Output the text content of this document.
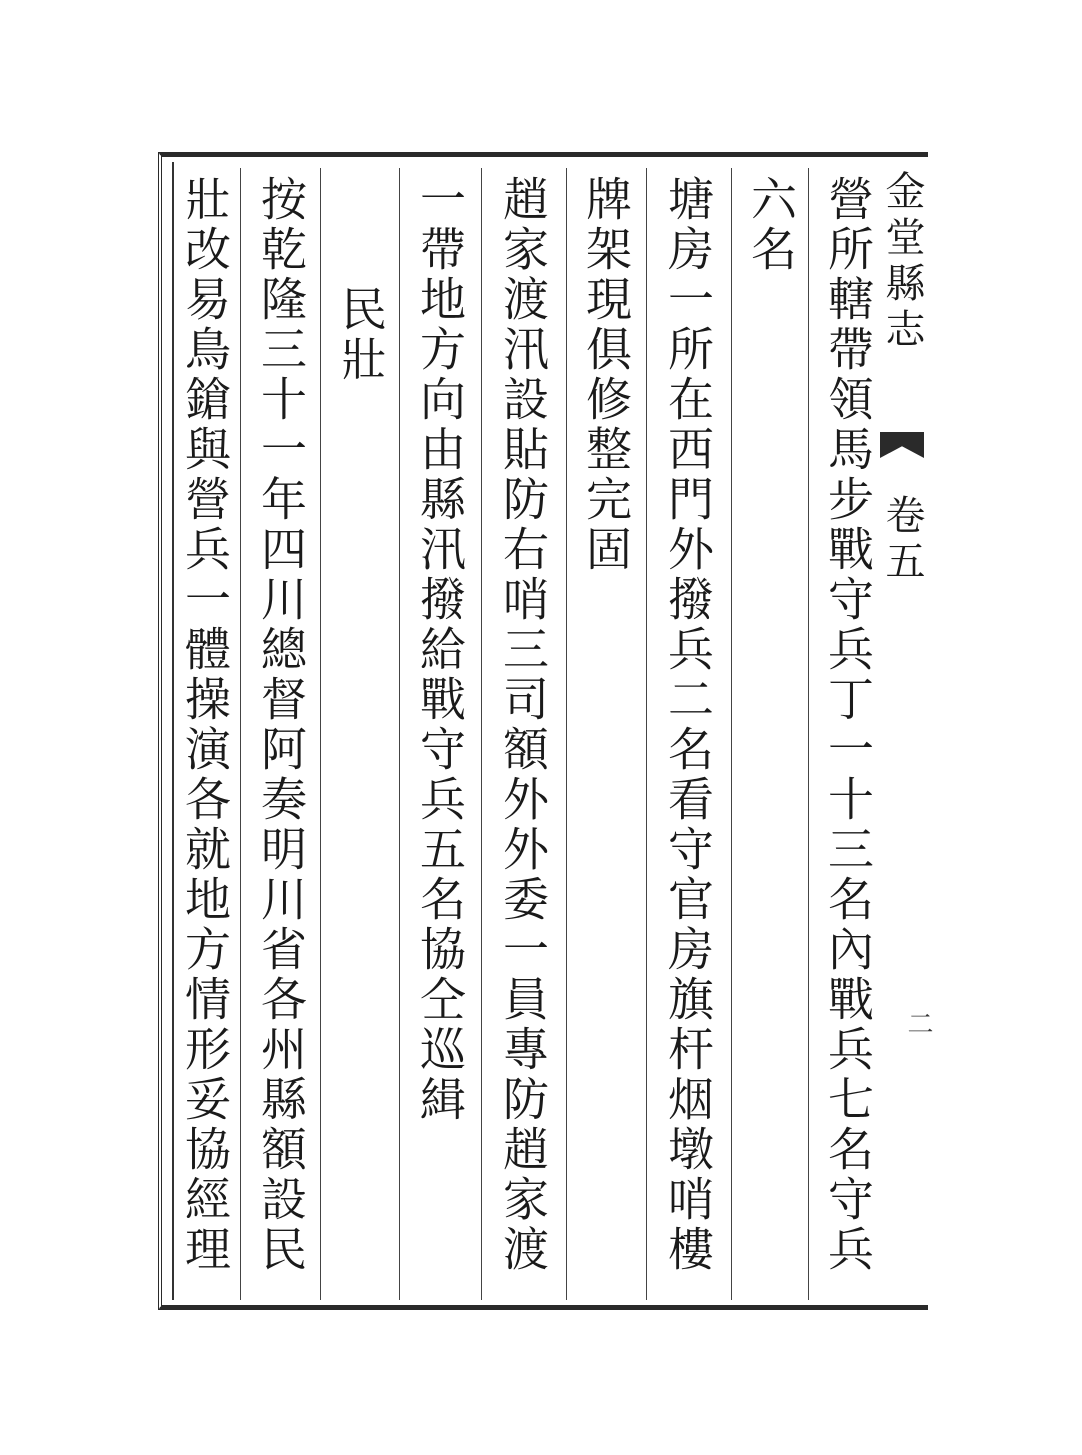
金堂縣志  卷五
二
營所轄帶領馬步戰守兵丁一十三名內戰兵七名守兵
六名
塘房一所在西門外撥兵二名看守官房旗杆烟墩哨樓
牌架現俱修整完固
趙家渡汛設貼防右哨三司額外外委一員專防趙家渡
一帶地方向由縣汛撥給戰守兵五名協仝巡緝
民壯
按乾隆三十一年四川總督阿奏明川省各州縣額設民
壯改易鳥鎗與營兵一體操演各就地方情形妥協經理
